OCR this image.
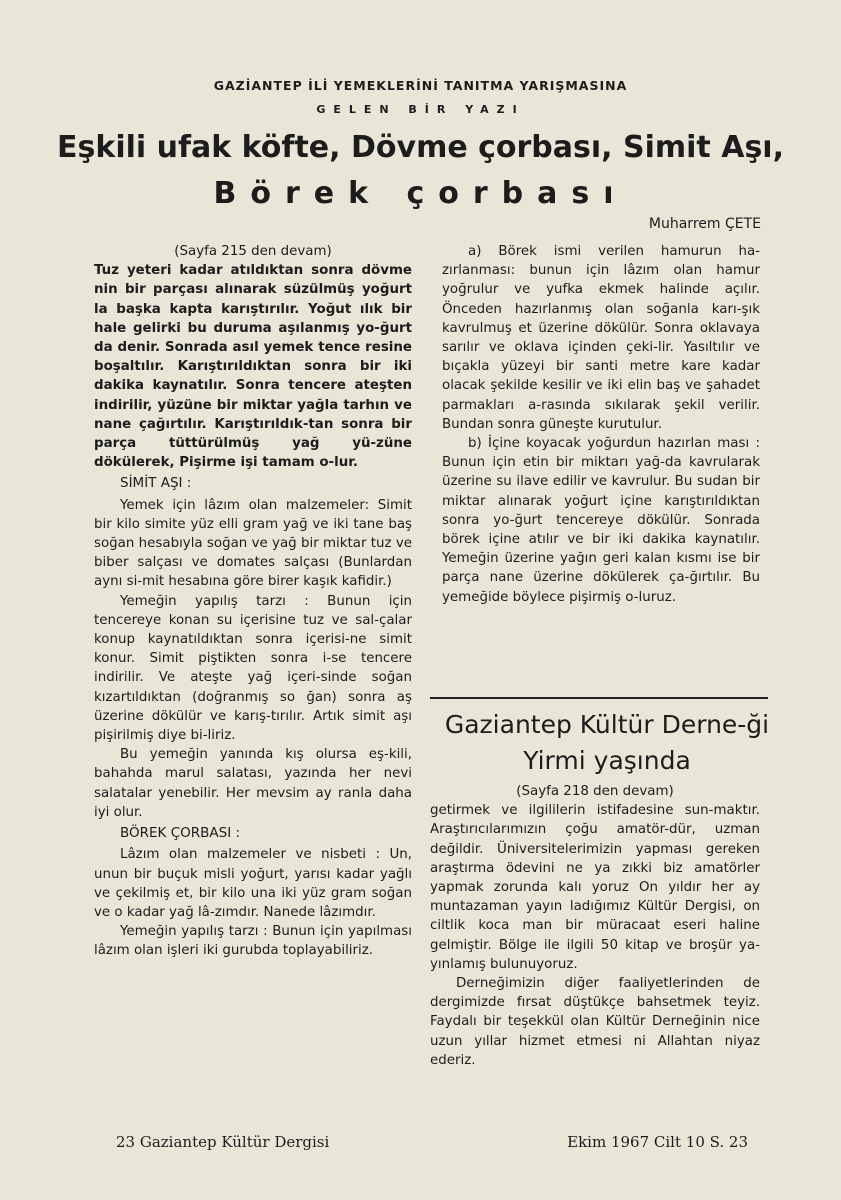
GAZİANTEP İLİ YEMEKLERİNİ TANITMA YARIŞMASINA
GELEN BİR YAZI
Eşkili ufak köfte, Dövme çorbası, Simit Aşı,
Börek çorbası
Muharrem ÇETE

(Sayfa 215 den devam)

Tuz yeteri kadar atıldıktan sonra dövme nin bir parçası alınarak süzülmüş yoğurt la başka kapta karıştırılır. Yoğut ılık bir hale gelirki bu duruma aşılanmış yo-ğurt da denir. Sonrada asıl yemek tence resine boşaltılır. Karıştırıldıktan sonra bir iki dakika kaynatılır. Sonra tencere ateşten indirilir, yüzüne bir miktar yağla tarhın ve nane çağırtılır. Karıştırıldık-tan sonra bir parça tüttürülmüş yağ yü-züne dökülerek, Pişirme işi tamam o-lur.

SİMİT AŞI :

Yemek için lâzım olan malzemeler: Simit bir kilo simite yüz elli gram yağ ve iki tane baş soğan hesabıyla soğan ve yağ bir miktar tuz ve biber salçası ve domates salçası (Bunlardan aynı si-mit hesabına göre birer kaşık kafidir.)

Yemeğin yapılış tarzı : Bunun için tencereye konan su içerisine tuz ve sal-çalar konup kaynatıldıktan sonra içerisi-ne simit konur. Simit piştikten sonra i-se tencere indirilir. Ve ateşte yağ içeri-sinde soğan kızartıldıktan (doğranmış so ğan) sonra aş üzerine dökülür ve karış-tırılır. Artık simit aşı pişirilmiş diye bi-liriz.

Bu yemeğin yanında kış olursa eş-kili, bahahda marul salatası, yazında her nevi salatalar yenebilir. Her mevsim ay ranla daha iyi olur.

BÖREK ÇORBASI :

Lâzım olan malzemeler ve nisbeti : Un, unun bir buçuk misli yoğurt, yarısı kadar yağlı ve çekilmiş et, bir kilo una iki yüz gram soğan ve o kadar yağ lâ-zımdır. Nanede lâzımdır.

Yemeğin yapılış tarzı : Bunun için yapılması lâzım olan işleri iki gurubda toplayabiliriz.

a) Börek ismi verilen hamurun ha-zırlanması: bunun için lâzım olan hamur yoğrulur ve yufka ekmek halinde açılır. Önceden hazırlanmış olan soğanla karı-şık kavrulmuş et üzerine dökülür. Sonra oklavaya sarılır ve oklava içinden çeki-lir. Yasıltılır ve bıçakla yüzeyi bir santi metre kare kadar olacak şekilde kesilir ve iki elin baş ve şahadet parmakları a-rasında sıkılarak şekil verilir. Bundan sonra güneşte kurutulur.

b) İçine koyacak yoğurdun hazırlan ması : Bunun için etin bir miktarı yağ-da kavrularak üzerine su ilave edilir ve kavrulur. Bu sudan bir miktar alınarak yoğurt içine karıştırıldıktan sonra yo-ğurt tencereye dökülür. Sonrada börek içine atılır ve bir iki dakika kaynatılır. Yemeğin üzerine yağın geri kalan kısmı ise bir parça nane üzerine dökülerek ça-ğırtılır. Bu yemeğide böylece pişirmiş o-luruz.

Gaziantep Kültür Derne-ği Yirmi yaşında

(Sayfa 218 den devam)

getirmek ve ilgililerin istifadesine sun-maktır. Araştırıcılarımızın çoğu amatör-dür, uzman değildir. Üniversitelerimizin yapması gereken araştırma ödevini ne ya zıkki biz amatörler yapmak zorunda kalı yoruz On yıldır her ay muntazaman yayın ladığımız Kültür Dergisi, on ciltlik koca man bir müracaat eseri haline gelmiştir. Bölge ile ilgili 50 kitap ve broşür ya-yınlamış bulunuyoruz.

Derneğimizin diğer faaliyetlerinden de dergimizde fırsat düştükçe bahsetmek teyiz. Faydalı bir teşekkül olan Kültür Derneğinin nice uzun yıllar hizmet etmesi ni Allahtan niyaz ederiz.

23 Gaziantep Kültür Dergisi	Ekim 1967 Cilt 10 S. 23
